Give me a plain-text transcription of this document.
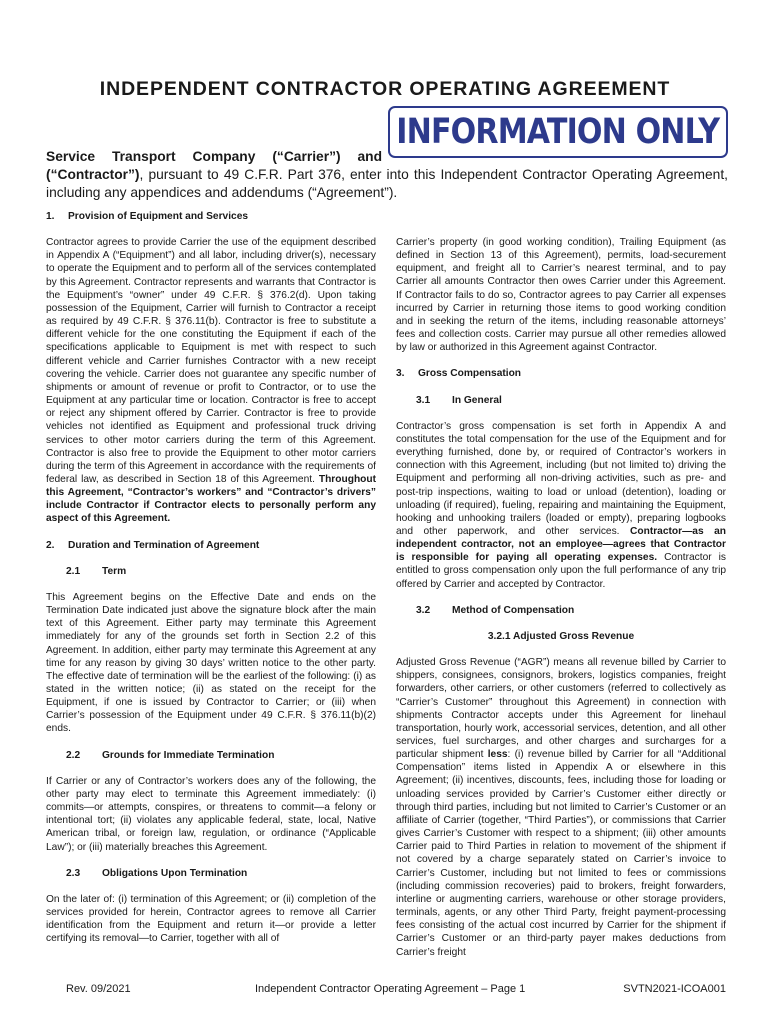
INDEPENDENT CONTRACTOR OPERATING AGREEMENT
Service Transport Company (“Carrier”) and
(“Contractor”), pursuant to 49 C.F.R. Part 376, enter into this Independent Contractor Operating Agreement, including any appendices and addendums (“Agreement”).
INFORMATION ONLY
1. Provision of Equipment and Services

Contractor agrees to provide Carrier the use of the equipment described in Appendix A (“Equipment”) and all labor, including driver(s), necessary to operate the Equipment and to perform all of the services contemplated by this Agreement. Contractor represents and warrants that Contractor is the Equipment’s “owner” under 49 C.F.R. § 376.2(d). Upon taking possession of the Equipment, Carrier will furnish to Contractor a receipt as required by 49 C.F.R. § 376.11(b). Contractor is free to substitute a different vehicle for the one constituting the Equipment if each of the specifications applicable to Equipment is met with respect to such different vehicle and Carrier furnishes Contractor with a new receipt covering the vehicle. Carrier does not guarantee any specific number of shipments or amount of revenue or profit to Contractor, or to use the Equipment at any particular time or location. Contractor is free to accept or reject any shipment offered by Carrier. Contractor is free to provide vehicles not identified as Equipment and professional truck driving services to other motor carriers during the term of this Agreement. Contractor is also free to provide the Equipment to other motor carriers during the term of this Agreement in accordance with the requirements of federal law, as described in Section 18 of this Agreement. Throughout this Agreement, “Contractor’s workers” and “Contractor’s drivers” include Contractor if Contractor elects to personally perform any aspect of this Agreement.

2. Duration and Termination of Agreement
2.1 Term

This Agreement begins on the Effective Date and ends on the Termination Date indicated just above the signature block after the main text of this Agreement. Either party may terminate this Agreement immediately for any of the grounds set forth in Section 2.2 of this Agreement. In addition, either party may terminate this Agreement at any time for any reason by giving 30 days’ written notice to the other party. The effective date of termination will be the earliest of the following: (i) as stated in the written notice; (ii) as stated on the receipt for the Equipment, if one is issued by Contractor to Carrier; or (iii) when Carrier’s possession of the Equipment under 49 C.F.R. § 376.11(b)(2) ends.

2.2 Grounds for Immediate Termination

If Carrier or any of Contractor’s workers does any of the following, the other party may elect to terminate this Agreement immediately: (i) commits—or attempts, conspires, or threatens to commit—a felony or intentional tort; (ii) violates any applicable federal, state, local, Native American tribal, or foreign law, regulation, or ordinance (“Applicable Law”); or (iii) materially breaches this Agreement.

2.3 Obligations Upon Termination

On the later of: (i) termination of this Agreement; or (ii) completion of the services provided for herein, Contractor agrees to remove all Carrier identification from the Equipment and return it—or provide a letter certifying its removal—to Carrier, together with all of

Carrier’s property (in good working condition), Trailing Equipment (as defined in Section 13 of this Agreement), permits, load-securement equipment, and freight all to Carrier’s nearest terminal, and to pay Carrier all amounts Contractor then owes Carrier under this Agreement. If Contractor fails to do so, Contractor agrees to pay Carrier all expenses incurred by Carrier in returning those items to good working condition and in seeking the return of the items, including reasonable attorneys’ fees and collection costs. Carrier may pursue all other remedies allowed by law or authorized in this Agreement against Contractor.

3. Gross Compensation
3.1 In General

Contractor’s gross compensation is set forth in Appendix A and constitutes the total compensation for the use of the Equipment and for everything furnished, done by, or required of Contractor’s workers in connection with this Agreement, including (but not limited to) driving the Equipment and performing all non-driving activities, such as pre- and post-trip inspections, waiting to load or unload (detention), loading or unloading (if required), fueling, repairing and maintaining the Equipment, hooking and unhooking trailers (loaded or empty), preparing logbooks and other paperwork, and other services. Contractor—as an independent contractor, not an employee—agrees that Contractor is responsible for paying all operating expenses. Contractor is entitled to gross compensation only upon the full performance of any trip offered by Carrier and accepted by Contractor.

3.2 Method of Compensation
3.2.1 Adjusted Gross Revenue

Adjusted Gross Revenue (“AGR”) means all revenue billed by Carrier to shippers, consignees, consignors, brokers, logistics companies, freight forwarders, other carriers, or other customers (referred to collectively as “Carrier’s Customer” throughout this Agreement) in connection with shipments Contractor accepts under this Agreement for linehaul transportation, hourly work, accessorial services, detention, and all other services, fuel surcharges, and other charges and surcharges for a particular shipment less: (i) revenue billed by Carrier for all “Additional Compensation” items listed in Appendix A or elsewhere in this Agreement; (ii) incentives, discounts, fees, including those for loading or unloading services provided by Carrier’s Customer either directly or through third parties, including but not limited to Carrier’s Customer or an affiliate of Carrier (together, “Third Parties”), or commissions that Carrier gives Carrier’s Customer with respect to a shipment; (iii) other amounts Carrier paid to Third Parties in relation to movement of the shipment if not covered by a charge separately stated on Carrier’s invoice to Carrier’s Customer, including but not limited to fees or commissions (including commission recoveries) paid to brokers, freight forwarders, interline or augmenting carriers, warehouse or other storage providers, terminals, agents, or any other Third Party, freight payment-processing fees consisting of the actual cost incurred by Carrier for the shipment if Carrier’s Customer or an third-party payer makes deductions from Carrier’s freight

Rev. 09/2021	Independent Contractor Operating Agreement – Page 1	SVTN2021-ICOA001
